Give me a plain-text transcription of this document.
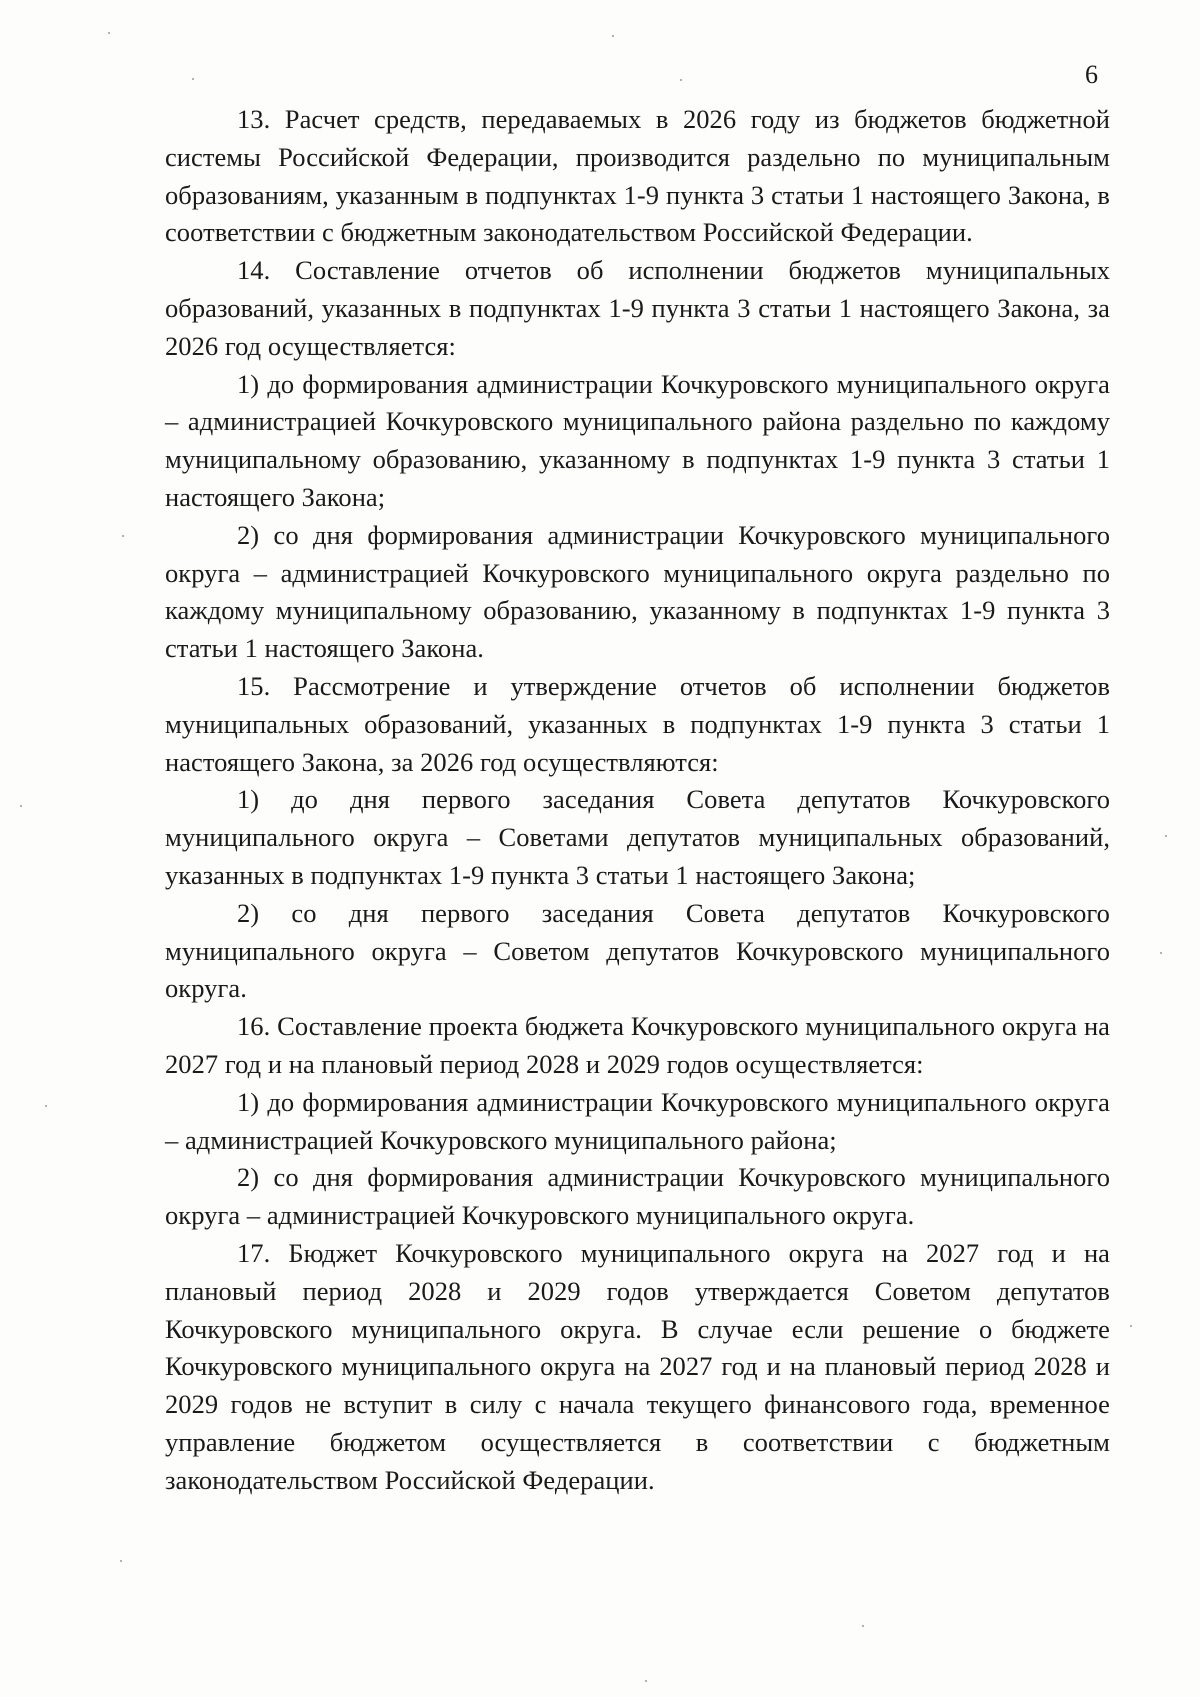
6

13. Расчет средств, передаваемых в 2026 году из бюджетов бюджетной системы Российской Федерации, производится раздельно по муниципальным образованиям, указанным в подпунктах 1-9 пункта 3 статьи 1 настоящего Закона, в соответствии с бюджетным законодательством Российской Федерации.

14. Составление отчетов об исполнении бюджетов муниципальных образований, указанных в подпунктах 1-9 пункта 3 статьи 1 настоящего Закона, за 2026 год осуществляется:

1) до формирования администрации Кочкуровского муниципального округа – администрацией Кочкуровского муниципального района раздельно по каждому муниципальному образованию, указанному в подпунктах 1-9 пункта 3 статьи 1 настоящего Закона;

2) со дня формирования администрации Кочкуровского муниципального округа – администрацией Кочкуровского муниципального округа раздельно по каждому муниципальному образованию, указанному в подпунктах 1-9 пункта 3 статьи 1 настоящего Закона.

15. Рассмотрение и утверждение отчетов об исполнении бюджетов муниципальных образований, указанных в подпунктах 1-9 пункта 3 статьи 1 настоящего Закона, за 2026 год осуществляются:

1) до дня первого заседания Совета депутатов Кочкуровского муниципального округа – Советами депутатов муниципальных образований, указанных в подпунктах 1-9 пункта 3 статьи 1 настоящего Закона;

2) со дня первого заседания Совета депутатов Кочкуровского муниципального округа – Советом депутатов Кочкуровского муниципального округа.

16. Составление проекта бюджета Кочкуровского муниципального округа на 2027 год и на плановый период 2028 и 2029 годов осуществляется:

1) до формирования администрации Кочкуровского муниципального округа – администрацией Кочкуровского муниципального района;

2) со дня формирования администрации Кочкуровского муниципального округа – администрацией Кочкуровского муниципального округа.

17. Бюджет Кочкуровского муниципального округа на 2027 год и на плановый период 2028 и 2029 годов утверждается Советом депутатов Кочкуровского муниципального округа. В случае если решение о бюджете Кочкуровского муниципального округа на 2027 год и на плановый период 2028 и 2029 годов не вступит в силу с начала текущего финансового года, временное управление бюджетом осуществляется в соответствии с бюджетным законодательством Российской Федерации.
